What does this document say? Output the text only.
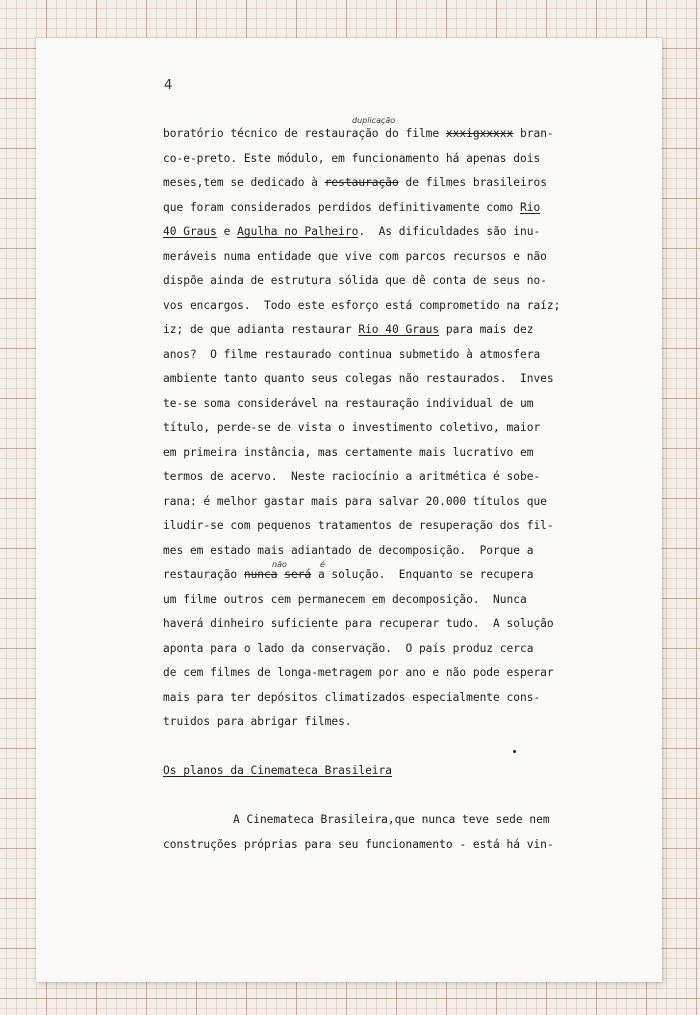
4
duplicação
não	é
boratório técnico de restauração do filme xxxigxxxxx bran-
co-e-preto. Este módulo, em funcionamento há apenas dois
meses,tem se dedicado à restauração de filmes brasileiros
que foram considerados perdidos definitivamente como Rio
40 Graus e Agulha no Palheiro.  As dificuldades são inu-
meráveis numa entidade que vive com parcos recursos e não
dispõe ainda de estrutura sólida que dê conta de seus no-
vos encargos.  Todo este esforço está comprometido na raíz;
iz; de que adianta restaurar Rio 40 Graus para mais dez
anos?  O filme restaurado continua submetido à atmosfera
ambiente tanto quanto seus colegas não restaurados.  Inves
te-se soma considerável na restauração individual de um
título, perde-se de vista o investimento coletivo, maior
em primeira instância, mas certamente mais lucrativo em
termos de acervo.  Neste raciocínio a aritmética é sobe-
rana: é melhor gastar mais para salvar 20.000 títulos que
iludir-se com pequenos tratamentos de resuperação dos fil-
mes em estado mais adiantado de decomposição.  Porque a
restauração nunca será a solução.  Enquanto se recupera
um filme outros cem permanecem em decomposição.  Nunca
haverá dinheiro suficiente para recuperar tudo.  A solução
aponta para o lado da conservação.  O país produz cerca
de cem filmes de longa-metragem por ano e não pode esperar
mais para ter depósitos climatizados especialmente cons-
truidos para abrigar filmes.
Os planos da Cinemateca Brasileira
A Cinemateca Brasileira,que nunca teve sede nem
construções próprias para seu funcionamento - está há vin-
